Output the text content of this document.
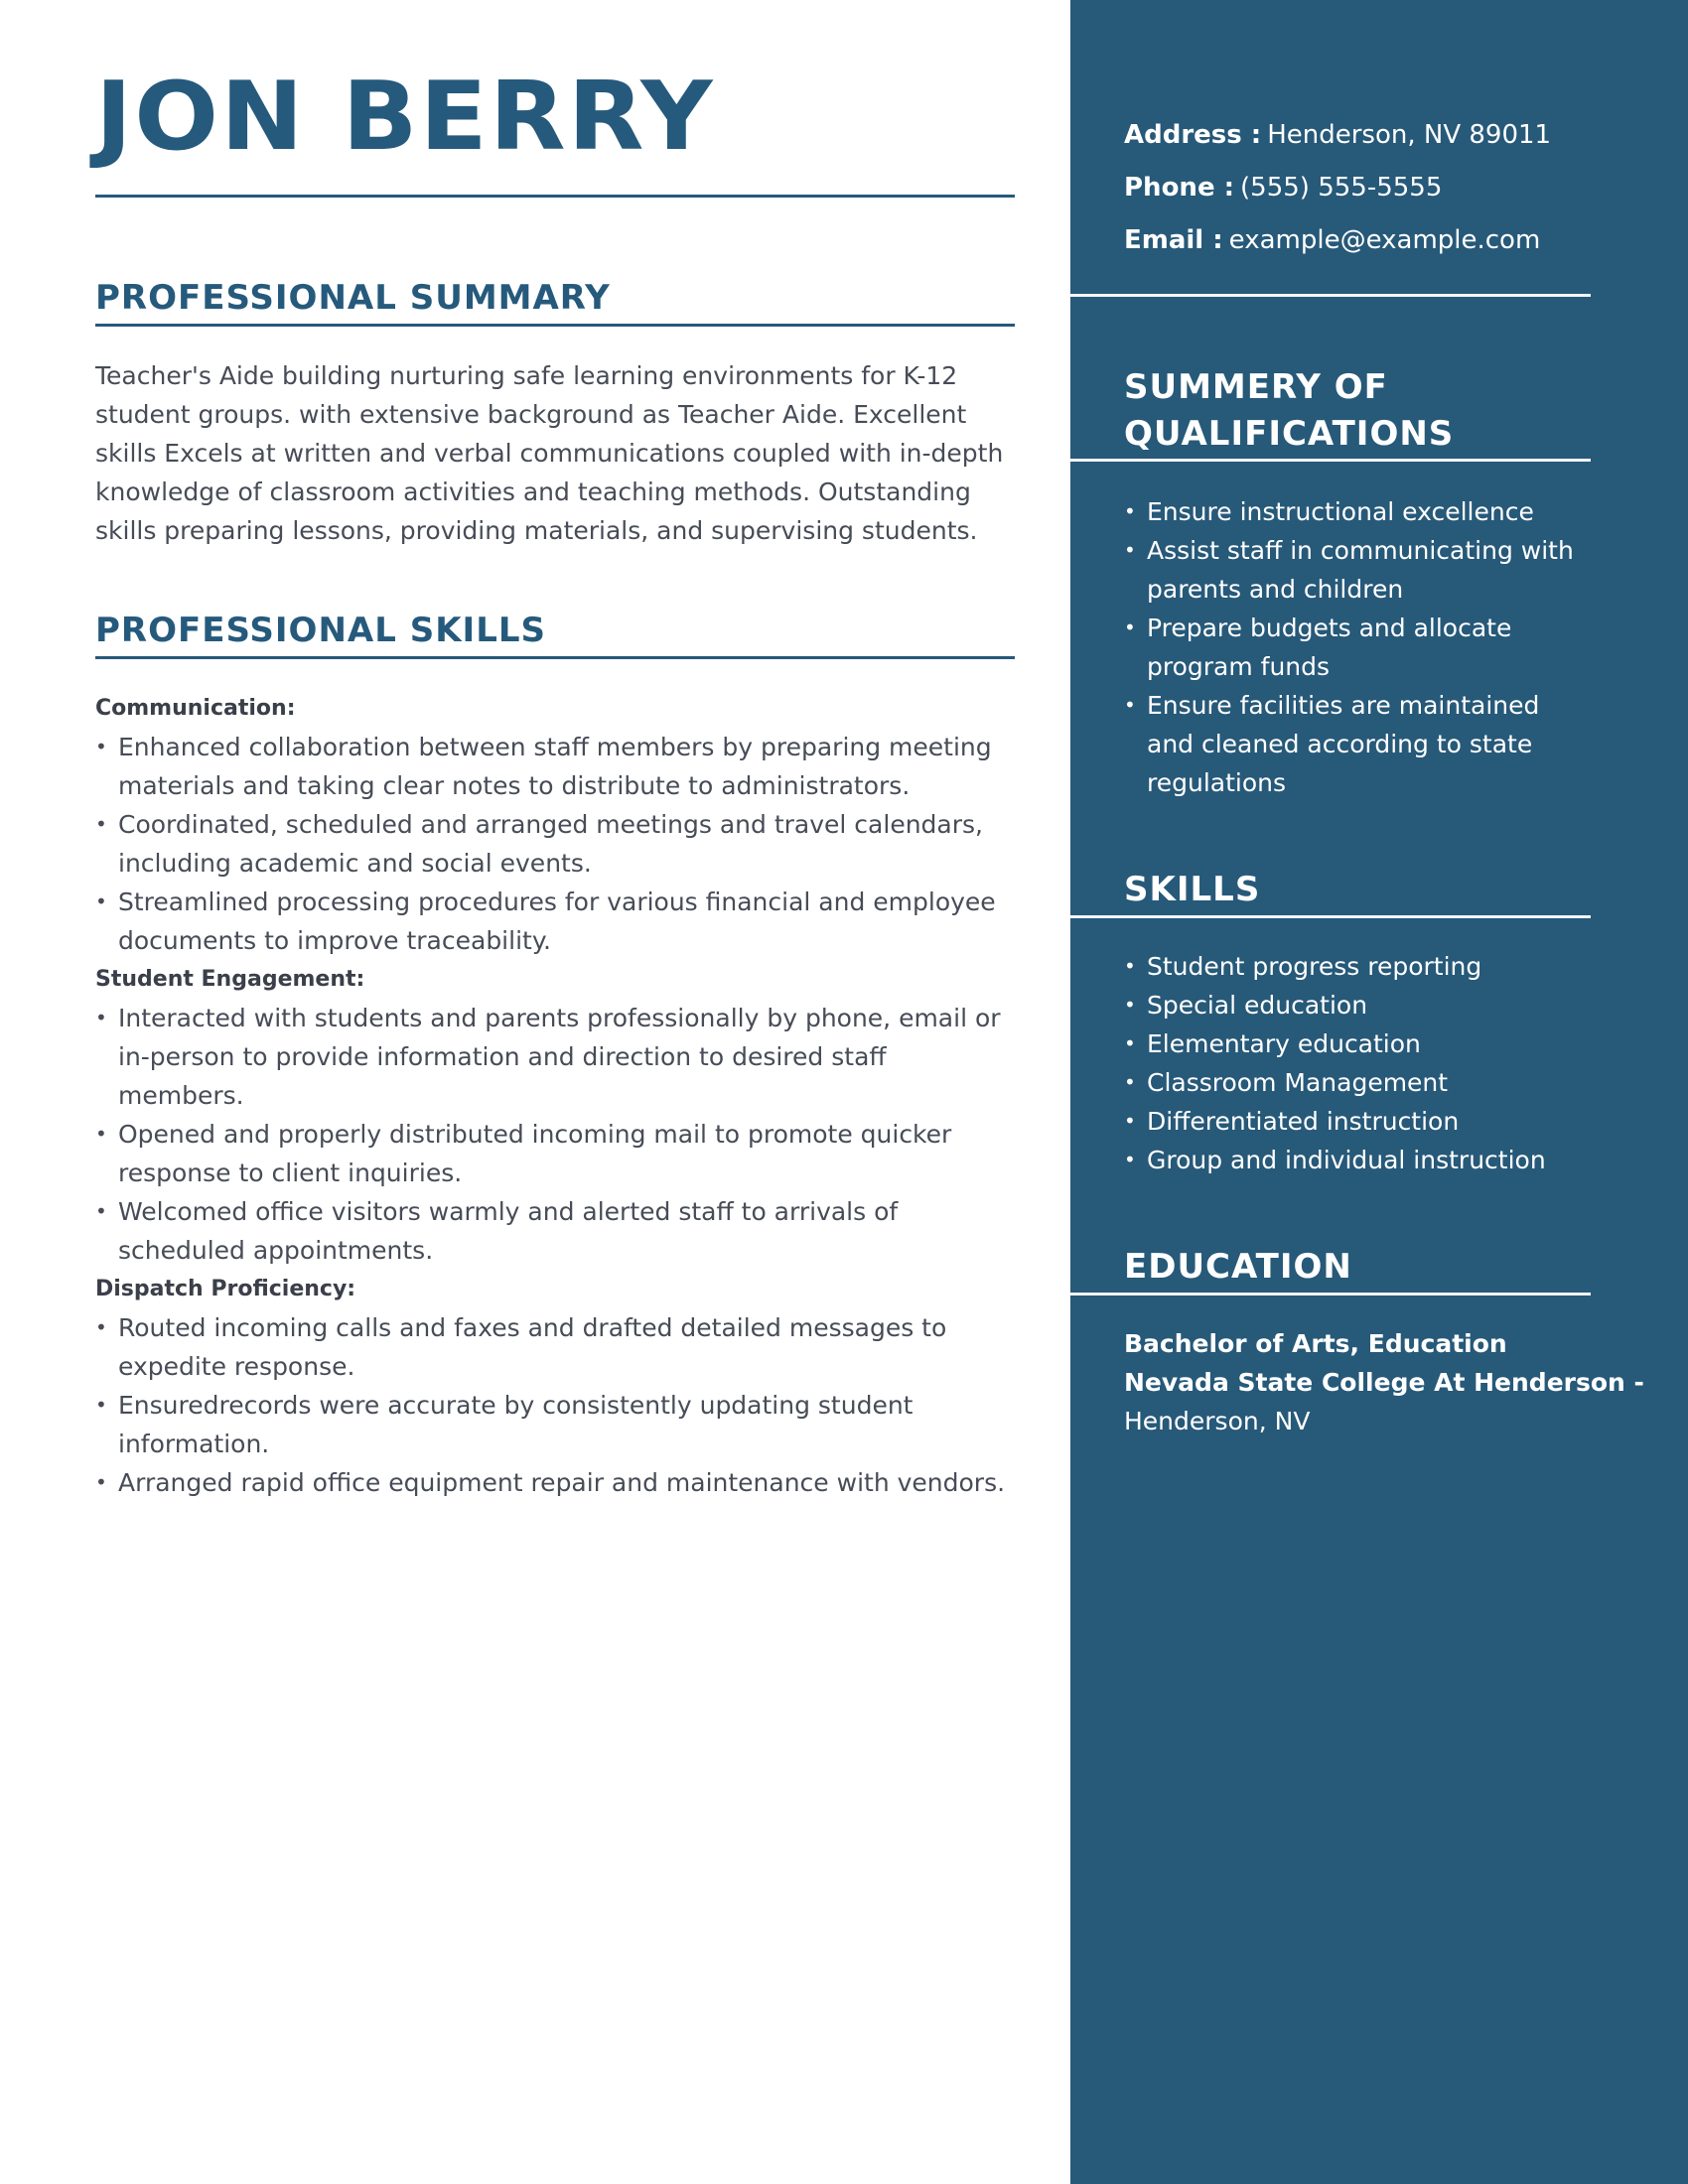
JON BERRY
PROFESSIONAL SUMMARY

Teacher's Aide building nurturing safe learning environments for K-12 student groups. with extensive background as Teacher Aide. Excellent skills Excels at written and verbal communications coupled with in-depth knowledge of classroom activities and teaching methods. Outstanding skills preparing lessons, providing materials, and supervising students.

PROFESSIONAL SKILLS
Communication:
• Enhanced collaboration between staff members by preparing meeting materials and taking clear notes to distribute to administrators.
• Coordinated, scheduled and arranged meetings and travel calendars, including academic and social events.
• Streamlined processing procedures for various financial and employee documents to improve traceability.
Student Engagement:
• Interacted with students and parents professionally by phone, email or in-person to provide information and direction to desired staff members.
• Opened and properly distributed incoming mail to promote quicker response to client inquiries.
• Welcomed office visitors warmly and alerted staff to arrivals of scheduled appointments.
Dispatch Proficiency:
• Routed incoming calls and faxes and drafted detailed messages to expedite response.
• Ensuredrecords were accurate by consistently updating student information.
• Arranged rapid office equipment repair and maintenance with vendors.
Address : Henderson, NV 89011
Phone : (555) 555-5555
Email : example@example.com
SUMMERY OF
QUALIFICATIONS
• Ensure instructional excellence
• Assist staff in communicating with parents and children
• Prepare budgets and allocate program funds
• Ensure facilities are maintained and cleaned according to state regulations
SKILLS
• Student progress reporting
• Special education
• Elementary education
• Classroom Management
• Differentiated instruction
• Group and individual instruction
EDUCATION
Bachelor of Arts, Education
Nevada State College At Henderson -
Henderson, NV
